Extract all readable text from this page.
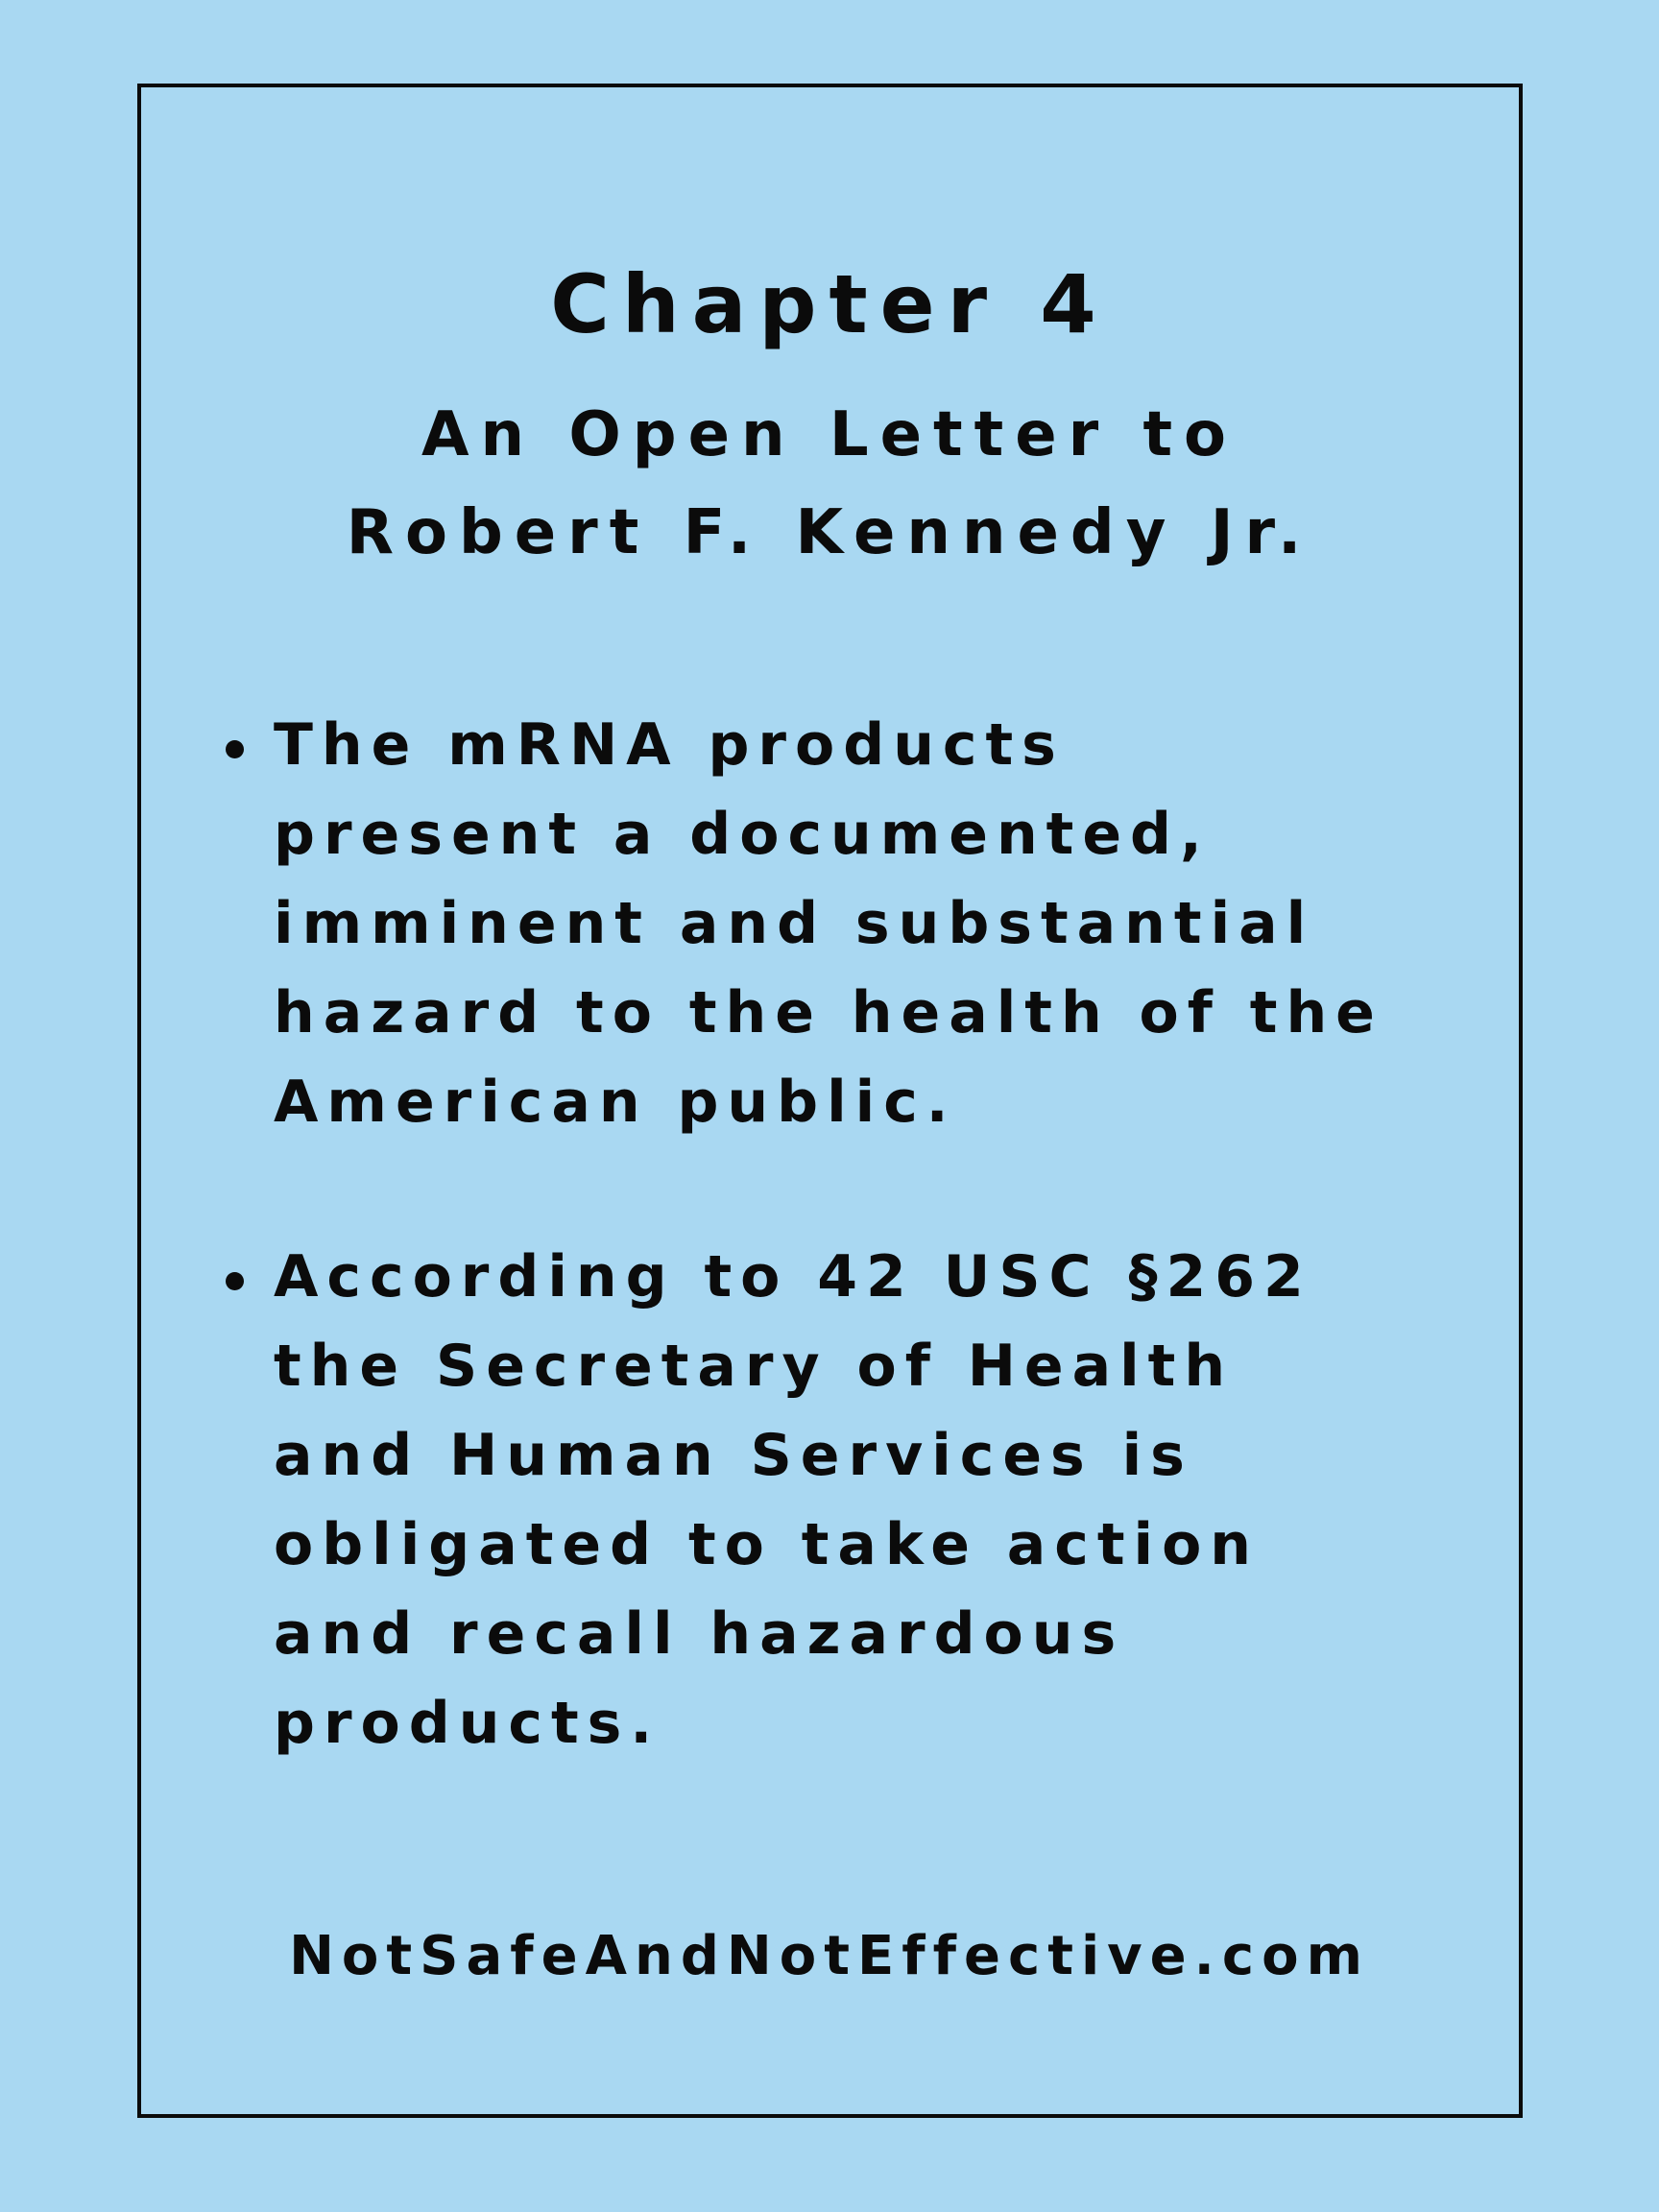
Chapter 4
An Open Letter to
Robert F. Kennedy Jr.
The mRNA products
present a documented,
imminent and substantial
hazard to the health of the
American public.
According to 42 USC §262
the Secretary of Health
and Human Services is
obligated to take action
and recall hazardous
products.
NotSafeAndNotEffective.com
